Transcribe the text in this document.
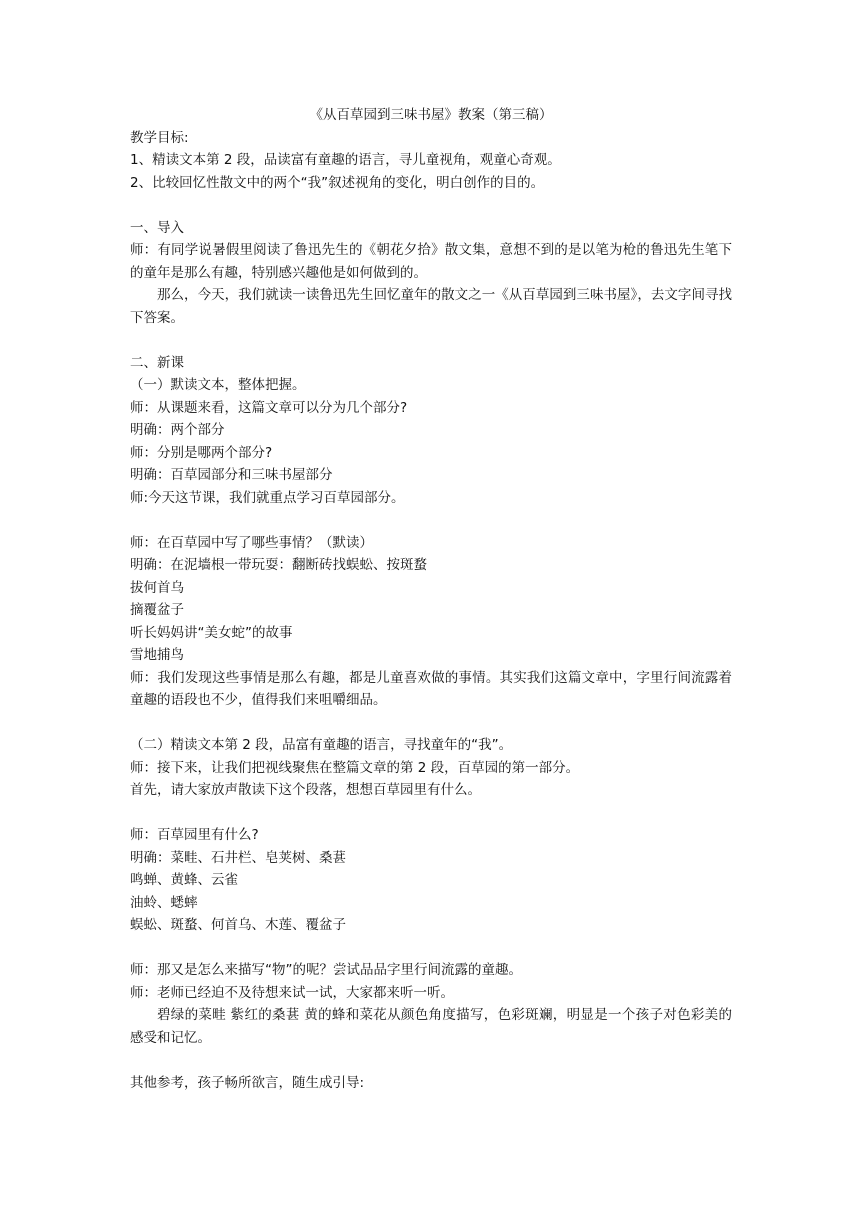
《从百草园到三味书屋》教案（第三稿）
教学目标:
1、精读文本第 2 段，品读富有童趣的语言，寻儿童视角，观童心奇观。
2、比较回忆性散文中的两个“我”叙述视角的变化，明白创作的目的。
一、导入
师：有同学说暑假里阅读了鲁迅先生的《朝花夕拾》散文集，意想不到的是以笔为枪的鲁迅先生笔下的童年是那么有趣，特别感兴趣他是如何做到的。
那么，今天，我们就读一读鲁迅先生回忆童年的散文之一《从百草园到三味书屋》，去文字间寻找下答案。
二、新课
（一）默读文本，整体把握。
师：从课题来看，这篇文章可以分为几个部分?
明确：两个部分
师：分别是哪两个部分?
明确：百草园部分和三味书屋部分
师:今天这节课，我们就重点学习百草园部分。
师：在百草园中写了哪些事情？（默读）
明确：在泥墙根一带玩耍：翻断砖找蜈蚣、按斑蝥
拔何首乌
摘覆盆子
听长妈妈讲“美女蛇”的故事
雪地捕鸟
师：我们发现这些事情是那么有趣，都是儿童喜欢做的事情。其实我们这篇文章中，字里行间流露着童趣的语段也不少，值得我们来咀嚼细品。
（二）精读文本第 2 段，品富有童趣的语言，寻找童年的“我”。
师：接下来，让我们把视线聚焦在整篇文章的第 2 段，百草园的第一部分。
首先，请大家放声散读下这个段落，想想百草园里有什么。
师：百草园里有什么?
明确：菜畦、石井栏、皂荚树、桑葚
鸣蝉、黄蜂、云雀
油蛉、蟋蟀
蜈蚣、斑蝥、何首乌、木莲、覆盆子
师：那又是怎么来描写“物”的呢？尝试品品字里行间流露的童趣。
师：老师已经迫不及待想来试一试，大家都来听一听。
碧绿的菜畦 紫红的桑葚 黄的蜂和菜花从颜色角度描写，色彩斑斓，明显是一个孩子对色彩美的感受和记忆。
其他参考，孩子畅所欲言，随生成引导:
